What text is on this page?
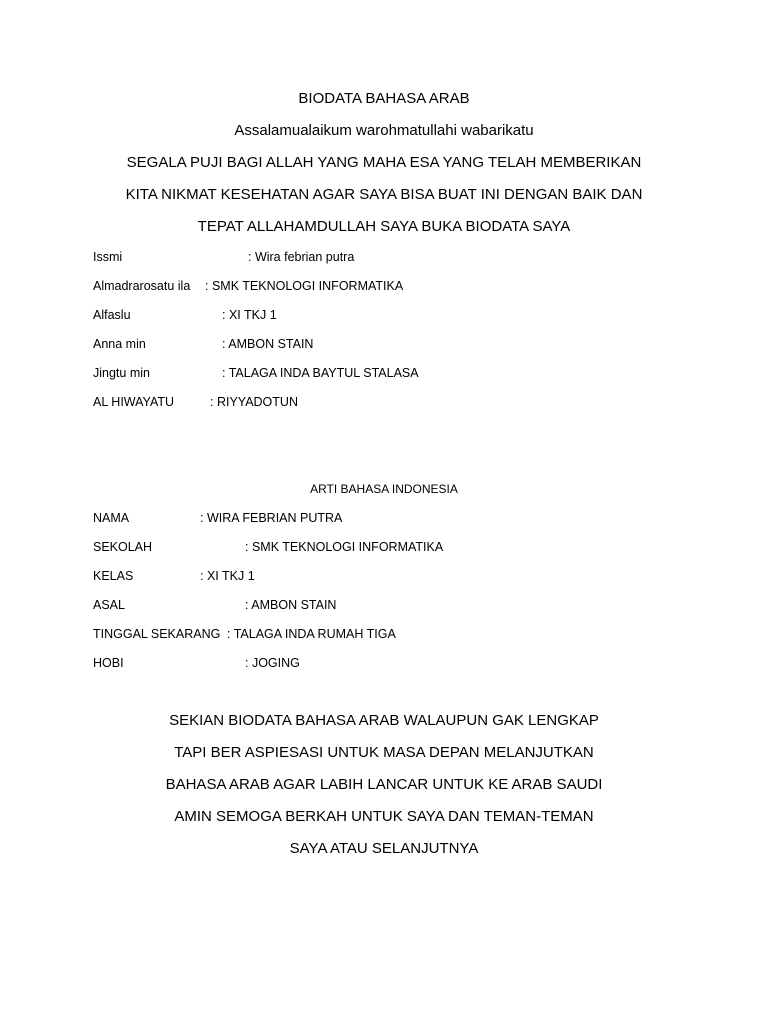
BIODATA BAHASA ARAB
Assalamualaikum warohmatullahi wabarikatu
SEGALA PUJI BAGI ALLAH YANG MAHA ESA YANG TELAH MEMBERIKAN
KITA NIKMAT KESEHATAN AGAR SAYA BISA BUAT INI DENGAN BAIK DAN
TEPAT ALLAHAMDULLAH SAYA BUKA BIODATA SAYA
Issmi	: Wira febrian putra
Almadrarosatu ila : SMK TEKNOLOGI INFORMATIKA
Alfaslu	: XI TKJ 1
Anna min	: AMBON STAIN
Jingtu min	: TALAGA INDA BAYTUL STALASA
AL HIWAYATU	: RIYYADOTUN
ARTI BAHASA INDONESIA
NAMA	: WIRA FEBRIAN PUTRA
SEKOLAH	: SMK TEKNOLOGI INFORMATIKA
KELAS	: XI TKJ 1
ASAL	: AMBON STAIN
TINGGAL SEKARANG : TALAGA INDA RUMAH TIGA
HOBI	: JOGING
SEKIAN BIODATA BAHASA ARAB WALAUPUN GAK LENGKAP
TAPI BER ASPIESASI UNTUK MASA DEPAN MELANJUTKAN
BAHASA ARAB AGAR LABIH LANCAR UNTUK KE ARAB SAUDI
AMIN SEMOGA BERKAH UNTUK SAYA DAN TEMAN-TEMAN
SAYA ATAU SELANJUTNYA
